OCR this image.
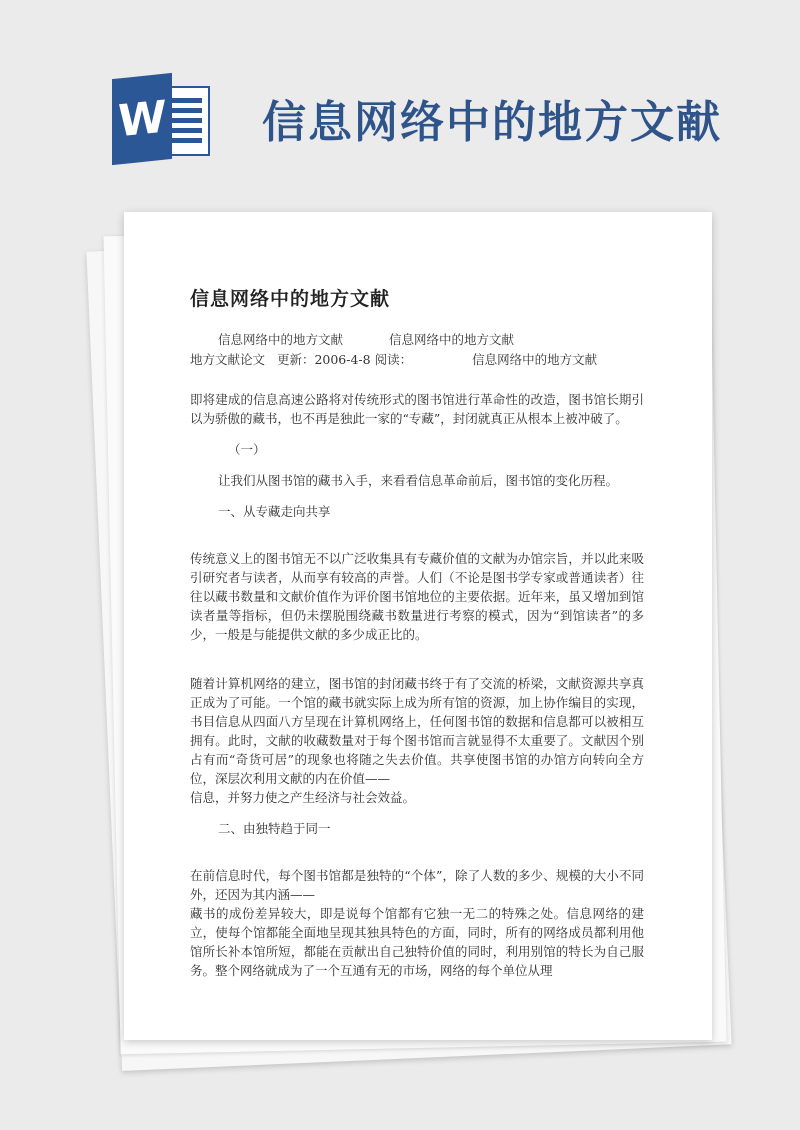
W 信息网络中的地方文献
信息网络中的地方文献
信息网络中的地方文献	信息网络中的地方文献
地方文献论文 更新：2006-4-8 阅读：	信息网络中的地方文献

即将建成的信息高速公路将对传统形式的图书馆进行革命性的改造，图书馆长期引以为骄傲的藏书，也不再是独此一家的“专藏”，封闭就真正从根本上被冲破了。

（一）

让我们从图书馆的藏书入手，来看看信息革命前后，图书馆的变化历程。

一、从专藏走向共享

传统意义上的图书馆无不以广泛收集具有专藏价值的文献为办馆宗旨，并以此来吸引研究者与读者，从而享有较高的声誉。人们（不论是图书学专家或普通读者）往往以藏书数量和文献价值作为评价图书馆地位的主要依据。近年来，虽又增加到馆读者量等指标，但仍未摆脱围绕藏书数量进行考察的模式，因为“到馆读者”的多少，一般是与能提供文献的多少成正比的。

随着计算机网络的建立，图书馆的封闭藏书终于有了交流的桥梁，文献资源共享真正成为了可能。一个馆的藏书就实际上成为所有馆的资源，加上协作编目的实现，书目信息从四面八方呈现在计算机网络上，任何图书馆的数据和信息都可以被相互拥有。此时，文献的收藏数量对于每个图书馆而言就显得不太重要了。文献因个别占有而“奇货可居”的现象也将随之失去价值。共享使图书馆的办馆方向转向全方位，深层次利用文献的内在价值——

信息，并努力使之产生经济与社会效益。

二、由独特趋于同一

在前信息时代，每个图书馆都是独特的“个体”，除了人数的多少、规模的大小不同外，还因为其内涵——

藏书的成份差异较大，即是说每个馆都有它独一无二的特殊之处。信息网络的建立，使每个馆都能全面地呈现其独具特色的方面，同时，所有的网络成员都利用他馆所长补本馆所短，都能在贡献出自己独特价值的同时，利用别馆的特长为自己服务。整个网络就成为了一个互通有无的市场，网络的每个单位从理
